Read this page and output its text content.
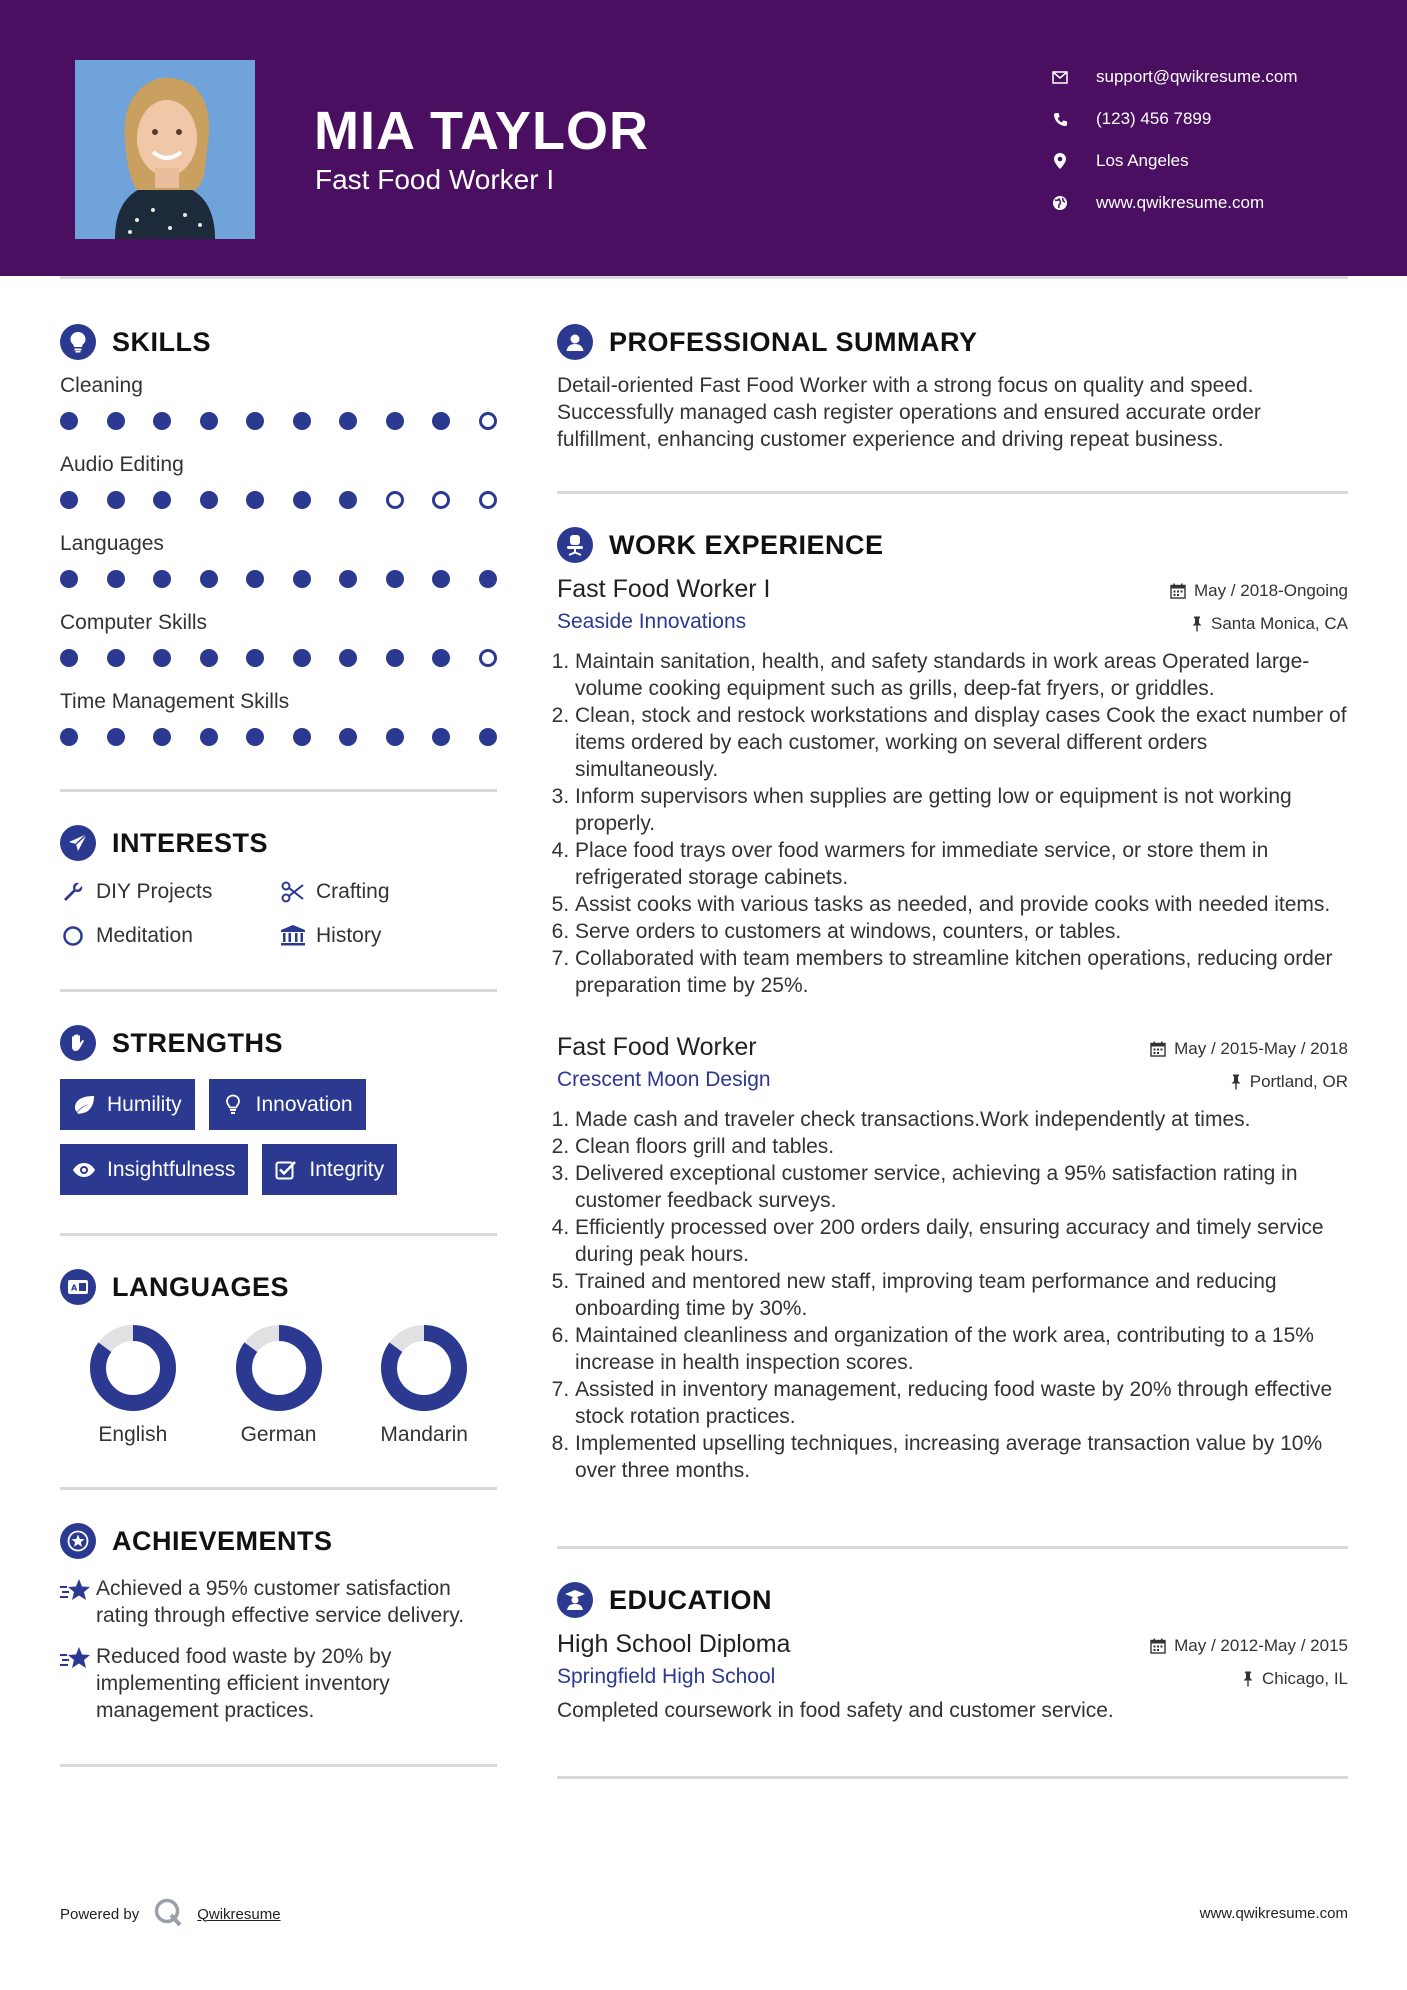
MIA TAYLOR
Fast Food Worker I
support@qwikresume.com
(123) 456 7899
Los Angeles
www.qwikresume.com
SKILLS
Cleaning
Audio Editing
Languages
Computer Skills
Time Management Skills
INTERESTS
DIY Projects	Crafting
Meditation	History
STRENGTHS
Humility	Innovation
Insightfulness	Integrity
A LANGUAGES
English	German	Mandarin
ACHIEVEMENTS
Achieved a 95% customer satisfaction rating through effective service delivery.
Reduced food waste by 20% by implementing efficient inventory management practices.
PROFESSIONAL SUMMARY

Detail-oriented Fast Food Worker with a strong focus on quality and speed. Successfully managed cash register operations and ensured accurate order fulfillment, enhancing customer experience and driving repeat business.

WORK EXPERIENCE
Fast Food Worker I	May / 2018-Ongoing
Seaside Innovations	Santa Monica, CA
1. Maintain sanitation, health, and safety standards in work areas Operated large-volume cooking equipment such as grills, deep-fat fryers, or griddles.
2. Clean, stock and restock workstations and display cases Cook the exact number of items ordered by each customer, working on several different orders simultaneously.
3. Inform supervisors when supplies are getting low or equipment is not working properly.
4. Place food trays over food warmers for immediate service, or store them in refrigerated storage cabinets.
5. Assist cooks with various tasks as needed, and provide cooks with needed items.
6. Serve orders to customers at windows, counters, or tables.
7. Collaborated with team members to streamline kitchen operations, reducing order preparation time by 25%.
Fast Food Worker	May / 2015-May / 2018
Crescent Moon Design	Portland, OR
1. Made cash and traveler check transactions.Work independently at times.
2. Clean floors grill and tables.
3. Delivered exceptional customer service, achieving a 95% satisfaction rating in customer feedback surveys.
4. Efficiently processed over 200 orders daily, ensuring accuracy and timely service during peak hours.
5. Trained and mentored new staff, improving team performance and reducing onboarding time by 30%.
6. Maintained cleanliness and organization of the work area, contributing to a 15% increase in health inspection scores.
7. Assisted in inventory management, reducing food waste by 20% through effective stock rotation practices.
8. Implemented upselling techniques, increasing average transaction value by 10% over three months.
EDUCATION
High School Diploma	May / 2012-May / 2015
Springfield High School	Chicago, IL

Completed coursework in food safety and customer service.

Powered by	Qwikresume	www.qwikresume.com
